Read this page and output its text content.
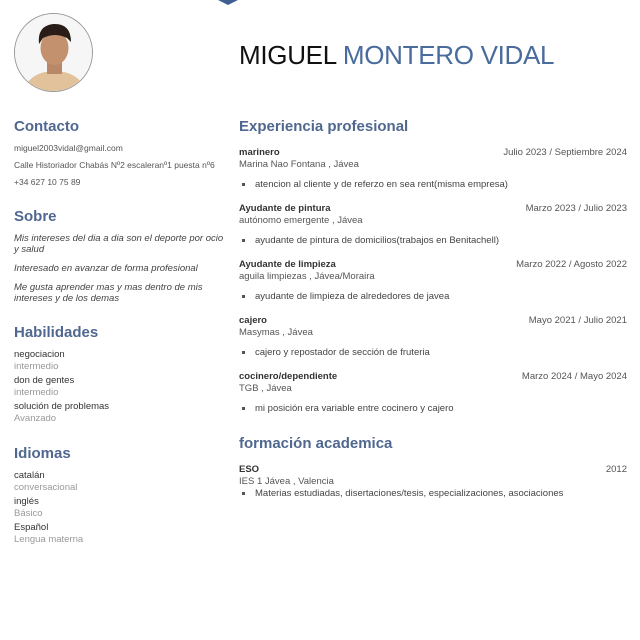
MIGUEL MONTERO VIDAL
Contacto
miguel2003vidal@gmail.com
Calle Historiador Chabás Nº2 escaleranº1 puesta nº6
+34 627 10 75 89
Sobre
Mis intereses del dia a dia son el deporte por ocio y salud
Interesado en avanzar de forma profesional
Me gusta aprender mas y mas dentro de mis intereses y de los demas
Habilidades
negociacion
intermedio
don de gentes
intermedio
solución de problemas
Avanzado
Idiomas
catalán
conversacional
inglés
Básico
Español
Lengua materna
Experiencia profesional
marinero	Julio 2023 / Septiembre 2024
Marina Nao Fontana , Jávea
atencion al cliente y de referzo en sea rent(misma empresa)
Ayudante de pintura	Marzo 2023 / Julio 2023
autónomo emergente , Jávea
ayudante de pintura de domicilios(trabajos en Benitachell)
Ayudante de limpieza	Marzo 2022 / Agosto 2022
aguila limpiezas , Jávea/Moraira
ayudante de limpieza de alrededores de javea
cajero	Mayo 2021 / Julio 2021
Masymas , Jávea
cajero y repostador de sección de fruteria
cocinero/dependiente	Marzo 2024 / Mayo 2024
TGB , Jávea
mi posición era variable entre cocinero y cajero
formación academica
ESO	2012
IES 1 Jávea , Valencia
Materias estudiadas, disertaciones/tesis, especializaciones, asociaciones
